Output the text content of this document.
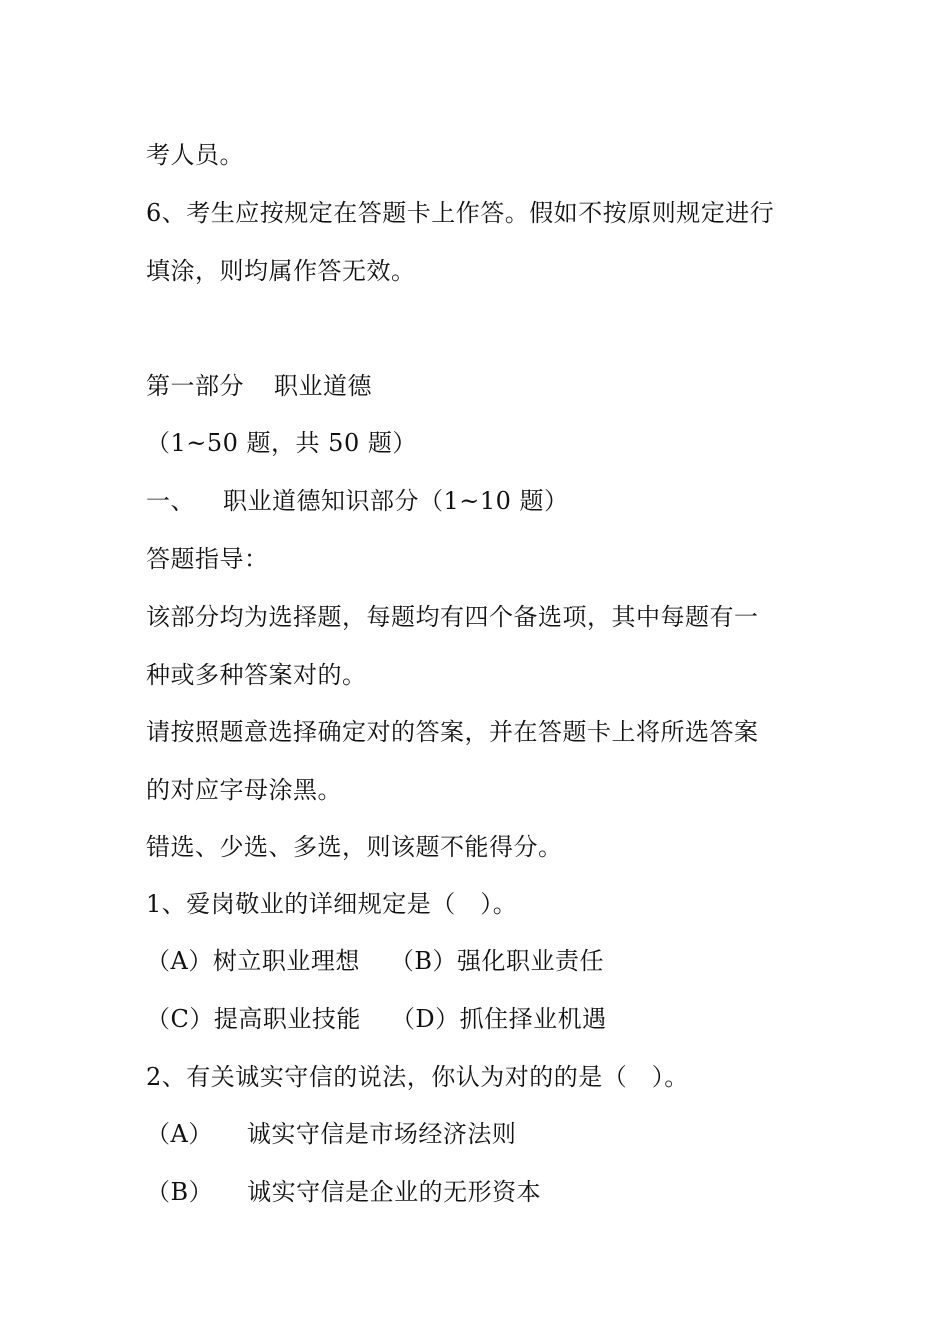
考人员。
6、考生应按规定在答题卡上作答。假如不按原则规定进行
填涂，则均属作答无效。
第一部分 职业道德
（1~50 题，共 50 题）
一、 职业道德知识部分（1~10 题）
答题指导：
该部分均为选择题，每题均有四个备选项，其中每题有一
种或多种答案对的。
请按照题意选择确定对的答案，并在答题卡上将所选答案
的对应字母涂黑。
错选、少选、多选，则该题不能得分。
1、爱岗敬业的详细规定是（　）。
（A）树立职业理想 （B）强化职业责任
（C）提高职业技能 （D）抓住择业机遇
2、有关诚实守信的说法，你认为对的的是（　）。
（A） 诚实守信是市场经济法则
（B） 诚实守信是企业的无形资本
